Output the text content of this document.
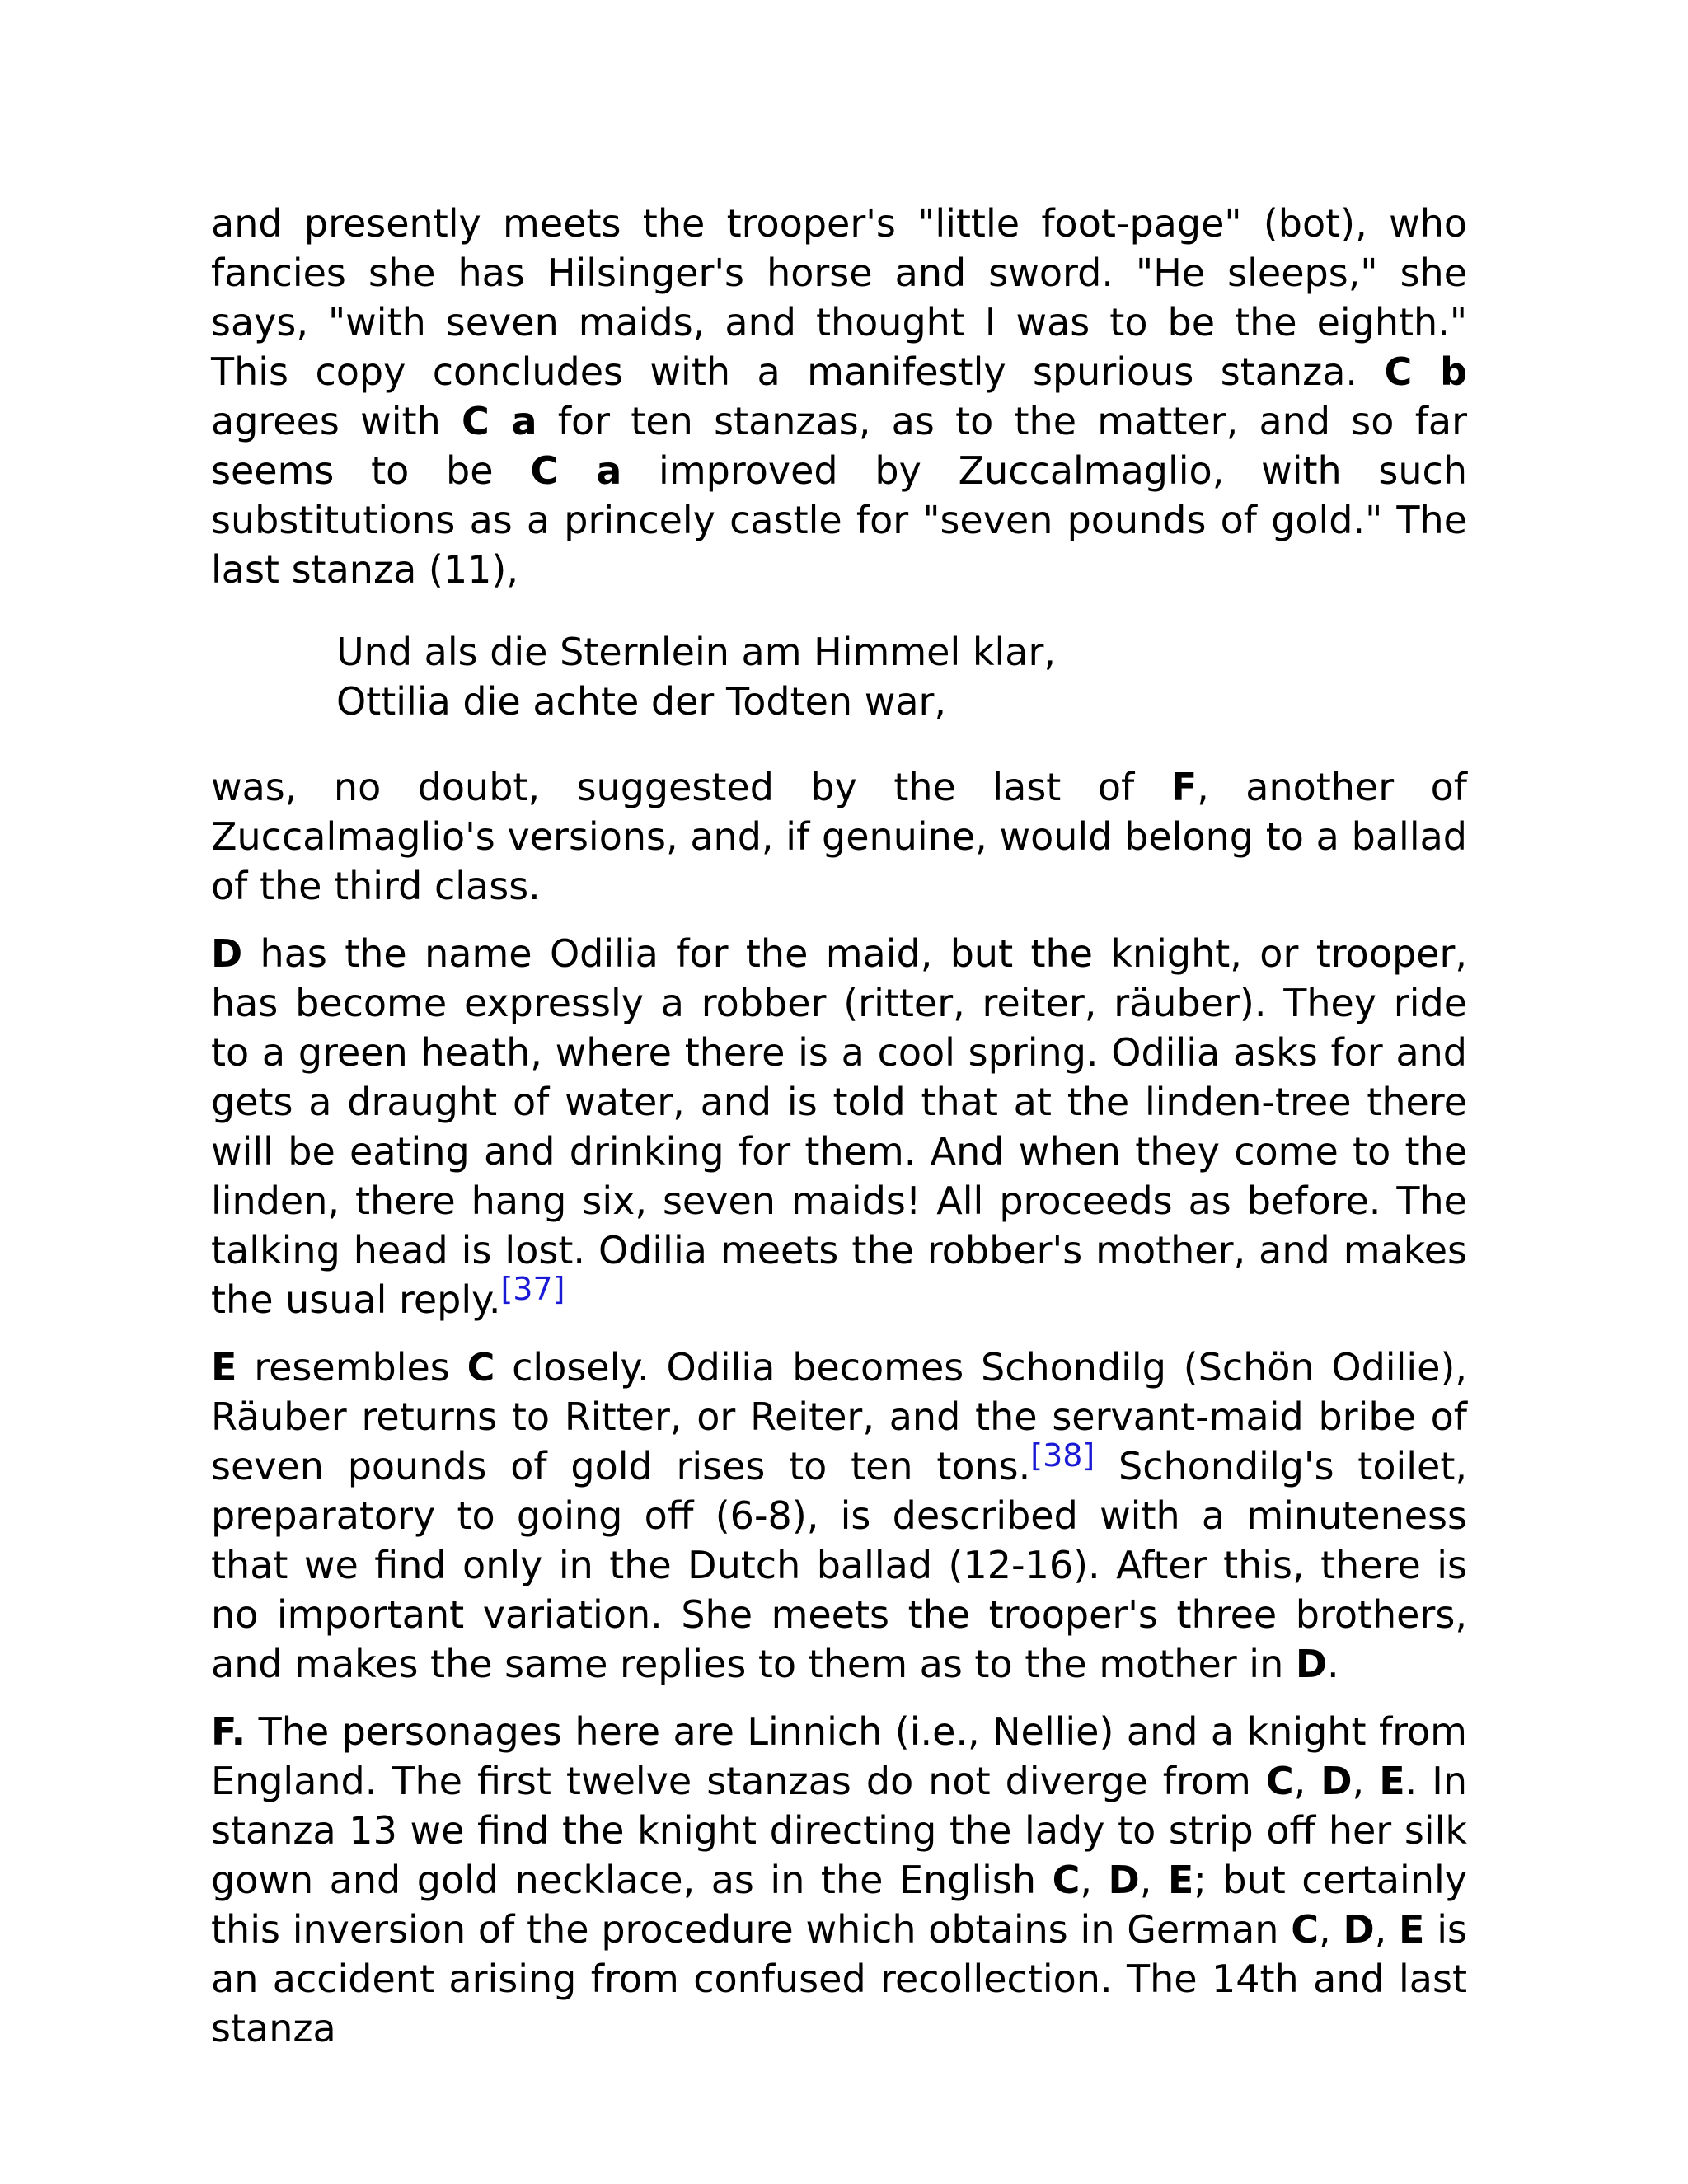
and presently meets the trooper's "little foot-page" (bot), who fancies she has Hilsinger's horse and sword. "He sleeps," she says, "with seven maids, and thought I was to be the eighth." This copy concludes with a manifestly spurious stanza. C b agrees with C a for ten stanzas, as to the matter, and so far seems to be C a improved by Zuccalmaglio, with such substitutions as a princely castle for "seven pounds of gold." The last stanza (11),

Und als die Sternlein am Himmel klar,
Ottilia die achte der Todten war,

was, no doubt, suggested by the last of F, another of Zuccalmaglio's versions, and, if genuine, would belong to a ballad of the third class.

D has the name Odilia for the maid, but the knight, or trooper, has become expressly a robber (ritter, reiter, räuber). They ride to a green heath, where there is a cool spring. Odilia asks for and gets a draught of water, and is told that at the linden-tree there will be eating and drinking for them. And when they come to the linden, there hang six, seven maids! All proceeds as before. The talking head is lost. Odilia meets the robber's mother, and makes the usual reply.[37]

E resembles C closely. Odilia becomes Schondilg (Schön Odilie), Räuber returns to Ritter, or Reiter, and the servant-maid bribe of seven pounds of gold rises to ten tons.[38] Schondilg's toilet, preparatory to going off (6-8), is described with a minuteness that we find only in the Dutch ballad (12-16). After this, there is no important variation. She meets the trooper's three brothers, and makes the same replies to them as to the mother in D.

F. The personages here are Linnich (i.e., Nellie) and a knight from England. The first twelve stanzas do not diverge from C, D, E. In stanza 13 we find the knight directing the lady to strip off her silk gown and gold necklace, as in the English C, D, E; but certainly this inversion of the procedure which obtains in German C, D, E is an accident arising from confused recollection. The 14th and last stanza
